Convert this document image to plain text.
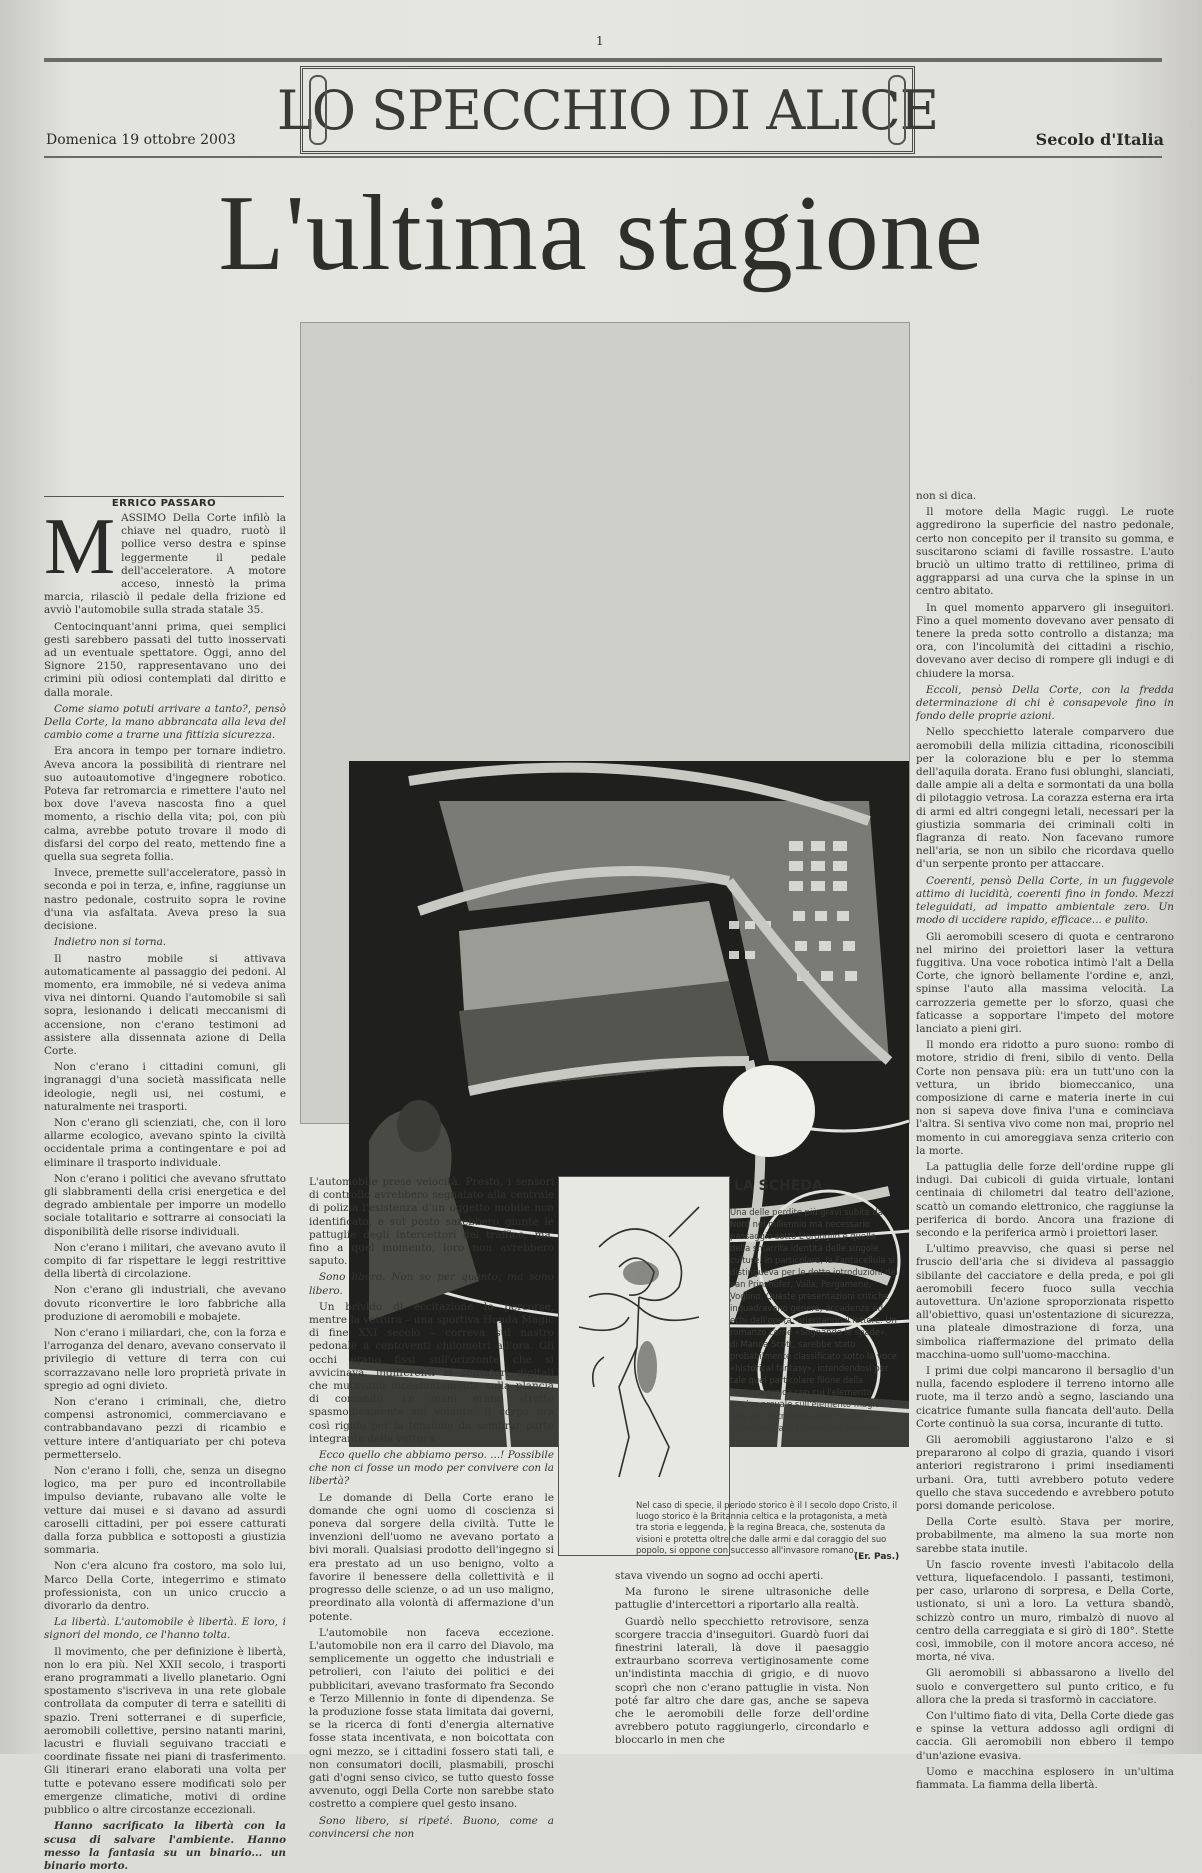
1
LO SPECCHIO DI ALICE
Domenica 19 ottobre 2003	Secolo d'Italia
L'ultima stagione
ERRICO PASSARO

MASSIMO Della Corte infilò la chiave nel quadro, ruotò il pollice verso destra e spinse leggermente il pedale dell'acceleratore. A motore acceso, innestò la prima marcia, rilasciò il pedale della frizione ed avviò l'automobile sulla strada statale 35.

Centocinquant'anni prima, quei semplici gesti sarebbero passati del tutto inosservati ad un eventuale spettatore. Oggi, anno del Signore 2150, rappresentavano uno dei crimini più odiosi contemplati dal diritto e dalla morale.

Come siamo potuti arrivare a tanto?, pensò Della Corte, la mano abbrancata alla leva del cambio come a trarne una fittizia sicurezza.

Era ancora in tempo per tornare indietro. Aveva ancora la possibilità di rientrare nel suo autoautomotive d'ingegnere robotico. Poteva far retromarcia e rimettere l'auto nel box dove l'aveva nascosta fino a quel momento, a rischio della vita; poi, con più calma, avrebbe potuto trovare il modo di disfarsi del corpo del reato, mettendo fine a quella sua segreta follia.

Invece, premette sull'acceleratore, passò in seconda e poi in terza, e, infine, raggiunse un nastro pedonale, costruito sopra le rovine d'una via asfaltata. Aveva preso la sua decisione.

Indietro non si torna.

Il nastro mobile si attivava automaticamente al passaggio dei pedoni. Al momento, era immobile, né si vedeva anima viva nei dintorni. Quando l'automobile si salì sopra, lesionando i delicati meccanismi di accensione, non c'erano testimoni ad assistere alla dissennata azione di Della Corte.

Non c'erano i cittadini comuni, gli ingranaggi d'una società massificata nelle ideologie, negli usi, nei costumi, e naturalmente nei trasporti.

Non c'erano gli scienziati, che, con il loro allarme ecologico, avevano spinto la civiltà occidentale prima a contingentare e poi ad eliminare il trasporto individuale.

Non c'erano i politici che avevano sfruttato gli slabbramenti della crisi energetica e del degrado ambientale per imporre un modello sociale totalitario e sottrarre ai consociati la disponibilità delle risorse individuali.

Non c'erano i militari, che avevano avuto il compito di far rispettare le leggi restrittive della libertà di circolazione.

Non c'erano gli industriali, che avevano dovuto riconvertire le loro fabbriche alla produzione di aeromobili e mobajete.

Non c'erano i miliardari, che, con la forza e l'arroganza del denaro, avevano conservato il privilegio di vetture di terra con cui scorrazzavano nelle loro proprietà private in spregio ad ogni divieto.

Non c'erano i criminali, che, dietro compensi astronomici, commerciavano e contrabbandavano pezzi di ricambio e vetture intere d'antiquariato per chi poteva permetterselo.

Non c'erano i folli, che, senza un disegno logico, ma per puro ed incontrollabile impulso deviante, rubavano alle volte le vetture dai musei e si davano ad assurdi caroselli cittadini, per poi essere catturati dalla forza pubblica e sottoposti a giustizia sommaria.

Non c'era alcuno fra costoro, ma solo lui, Marco Della Corte, integerrimo e stimato professionista, con un unico cruccio a divorarlo da dentro.

La libertà. L'automobile è libertà. E loro, i signori del mondo, ce l'hanno tolta.

Il movimento, che per definizione è libertà, non lo era più. Nel XXII secolo, i trasporti erano programmati a livello planetario. Ogni spostamento s'iscriveva in una rete globale controllata da computer di terra e satelliti di spazio. Treni sotterranei e di superficie, aeromobili collettive, persino natanti marini, lacustri e fluviali seguivano tracciati e coordinate fissate nei piani di trasferimento. Gli itinerari erano elaborati una volta per tutte e potevano essere modificati solo per emergenze climatiche, motivi di ordine pubblico o altre circostanze eccezionali.

Hanno sacrificato la libertà con la scusa di salvare l'ambiente. Hanno messo la fantasia su un binario... un binario morto.

L'automobile prese velocità. Presto, i sensori di controllo avrebbero segnalato alla centrale di polizia l'esistenza d'un oggetto mobile non identificato, e sul posto sarebbero giunte le pattuglie degli intercettori del traffico; ma, fino a quel momento, loro non avrebbero saputo.

Sono libero. Non so per quanto, ma sono libero.

Un brivido di eccitazione lo percorse, mentre la vettura – una sportiva Honda Magic di fine XXI secolo – correva sul nastro pedonale a centoventi chilometri all'ora. Gli occhi erano fissi sull'orizzonte che si avvicinava, indifferenti ai contatori digitali che mutavano incessantemente sulla plancia di comando. Le mani erano strette spasmodicamente sul volante. Il corpo era così rigido per la tensione da sembrar parte integrante della vettura.

Ecco quello che abbiamo perso. ...! Possibile che non ci fosse un modo per convivere con la libertà?

Le domande di Della Corte erano le domande che ogni uomo di coscienza si poneva dal sorgere della civiltà. Tutte le invenzioni dell'uomo ne avevano portato a bivi morali. Qualsiasi prodotto dell'ingegno si era prestato ad un uso benigno, volto a favorire il benessere della collettività e il progresso delle scienze, o ad un uso maligno, preordinato alla volontà di affermazione d'un potente.

L'automobile non faceva eccezione. L'automobile non era il carro del Diavolo, ma semplicemente un oggetto che industriali e petrolieri, con l'aiuto dei politici e dei pubblicitari, avevano trasformato fra Secondo e Terzo Millennio in fonte di dipendenza. Se la produzione fosse stata limitata dai governi, se la ricerca di fonti d'energia alternative fosse stata incentivata, e non boicottata con ogni mezzo, se i cittadini fossero stati tali, e non consumatori docili, plasmabili, proschi gati d'ogni senso civico, se tutto questo fosse avvenuto, oggi Della Corte non sarebbe stato costretto a compiere quel gesto insano.

Sono libero, si ripeté. Buono, come a convincersi che non

LA SCHEDA
Una delle perdite più gravi subite da Nord nel millennio ma necessario passaggio sotto L'orgoglio e quella della smarrita identità delle singole culture. In particolare, la Fantacellula si distingueva per le dotte introduzioni dei van Prinzhöfer, Valla, Pergamene, Voglino. Queste presentazioni critiche inquadravano genere, accadenze ed echi dell'opera, orientando il lettore. Un romanzo come «Sognando le spade», di Manda Scott, sarebbe stato probabilmente classificato sotto la voce «historical fantasy», intendendosi per tale quel particolare filone della fantasia eroica con cui l'elemento storico prevale sull'elemento magico e non v'è costruzione d'un mondo secondario alla tolkieniana maniera.
Nel caso di specie, il periodo storico è il I secolo dopo Cristo, il luogo storico è la Britannia celtica e la protagonista, a metà tra storia e leggenda, è la regina Breaca, che, sostenuta da visioni e protetta oltre che dalle armi e dal coraggio del suo popolo, si oppone con successo all'invasore romano.
(Er. Pas.)

stava vivendo un sogno ad occhi aperti.

Ma furono le sirene ultrasoniche delle pattuglie d'intercettori a riportarlo alla realtà.

Guardò nello specchietto retrovisore, senza scorgere traccia d'inseguitori. Guardò fuori dai finestrini laterali, là dove il paesaggio extraurbano scorreva vertiginosamente come un'indistinta macchia di grigio, e di nuovo scoprì che non c'erano pattuglie in vista. Non poté far altro che dare gas, anche se sapeva che le aeromobili delle forze dell'ordine avrebbero potuto raggiungerlo, circondarlo e bloccarlo in men che

non si dica.

Il motore della Magic ruggì. Le ruote aggredirono la superficie del nastro pedonale, certo non concepito per il transito su gomma, e suscitarono sciami di faville rossastre. L'auto bruciò un ultimo tratto di rettilineo, prima di aggrapparsi ad una curva che la spinse in un centro abitato.

In quel momento apparvero gli inseguitori. Fino a quel momento dovevano aver pensato di tenere la preda sotto controllo a distanza; ma ora, con l'incolumità dei cittadini a rischio, dovevano aver deciso di rompere gli indugi e di chiudere la morsa.

Eccoli, pensò Della Corte, con la fredda determinazione di chi è consapevole fino in fondo delle proprie azioni.

Nello specchietto laterale comparvero due aeromobili della milizia cittadina, riconoscibili per la colorazione blu e per lo stemma dell'aquila dorata. Erano fusi oblunghi, slanciati, dalle ampie ali a delta e sormontati da una bolla di pilotaggio vetrosa. La corazza esterna era irta di armi ed altri congegni letali, necessari per la giustizia sommaria dei criminali colti in flagranza di reato. Non facevano rumore nell'aria, se non un sibilo che ricordava quello d'un serpente pronto per attaccare.

Coerenti, pensò Della Corte, in un fuggevole attimo di lucidità, coerenti fino in fondo. Mezzi teleguidati, ad impatto ambientale zero. Un modo di uccidere rapido, efficace... e pulito.

Gli aeromobili scesero di quota e centrarono nel mirino dei proiettori laser la vettura fuggitiva. Una voce robotica intimò l'alt a Della Corte, che ignorò bellamente l'ordine e, anzi, spinse l'auto alla massima velocità. La carrozzeria gemette per lo sforzo, quasi che faticasse a sopportare l'impeto del motore lanciato a pieni giri.

Il mondo era ridotto a puro suono: rombo di motore, stridio di freni, sibilo di vento. Della Corte non pensava più: era un tutt'uno con la vettura, un ibrido biomeccanico, una composizione di carne e materia inerte in cui non si sapeva dove finiva l'una e cominciava l'altra. Si sentiva vivo come non mai, proprio nel momento in cui amoreggiava senza criterio con la morte.

La pattuglia delle forze dell'ordine ruppe gli indugi. Dai cubicoli di guida virtuale, lontani centinaia di chilometri dal teatro dell'azione, scattò un comando elettronico, che raggiunse la periferica di bordo. Ancora una frazione di secondo e la periferica armò i proiettori laser.

L'ultimo preavviso, che quasi si perse nel fruscio dell'aria che si divideva al passaggio sibilante del cacciatore e della preda, e poi gli aeromobili fecero fuoco sulla vecchia autovettura. Un'azione sproporzionata rispetto all'obiettivo, quasi un'ostentazione di sicurezza, una plateale dimostrazione di forza, una simbolica riaffermazione del primato della macchina-uomo sull'uomo-macchina.

I primi due colpi mancarono il bersaglio d'un nulla, facendo esplodere il terreno intorno alle ruote, ma il terzo andò a segno, lasciando una cicatrice fumante sulla fiancata dell'auto. Della Corte continuò la sua corsa, incurante di tutto.

Gli aeromobili aggiustarono l'alzo e si prepararono al colpo di grazia, quando i visori anteriori registrarono i primi insediamenti urbani. Ora, tutti avrebbero potuto vedere quello che stava succedendo e avrebbero potuto porsi domande pericolose.

Della Corte esultò. Stava per morire, probabilmente, ma almeno la sua morte non sarebbe stata inutile.

Un fascio rovente investì l'abitacolo della vettura, liquefacendolo. I passanti, testimoni, per caso, urlarono di sorpresa, e Della Corte, ustionato, si unì a loro. La vettura sbandò, schizzò contro un muro, rimbalzò di nuovo al centro della carreggiata e si girò di 180°. Stette così, immobile, con il motore ancora acceso, né morta, né viva.

Gli aeromobili si abbassarono a livello del suolo e convergettero sul punto critico, e fu allora che la preda si trasformò in cacciatore.

Con l'ultimo fiato di vita, Della Corte diede gas e spinse la vettura addosso agli ordigni di caccia. Gli aeromobili non ebbero il tempo d'un'azione evasiva.

Uomo e macchina esplosero in un'ultima fiammata. La fiamma della libertà.
